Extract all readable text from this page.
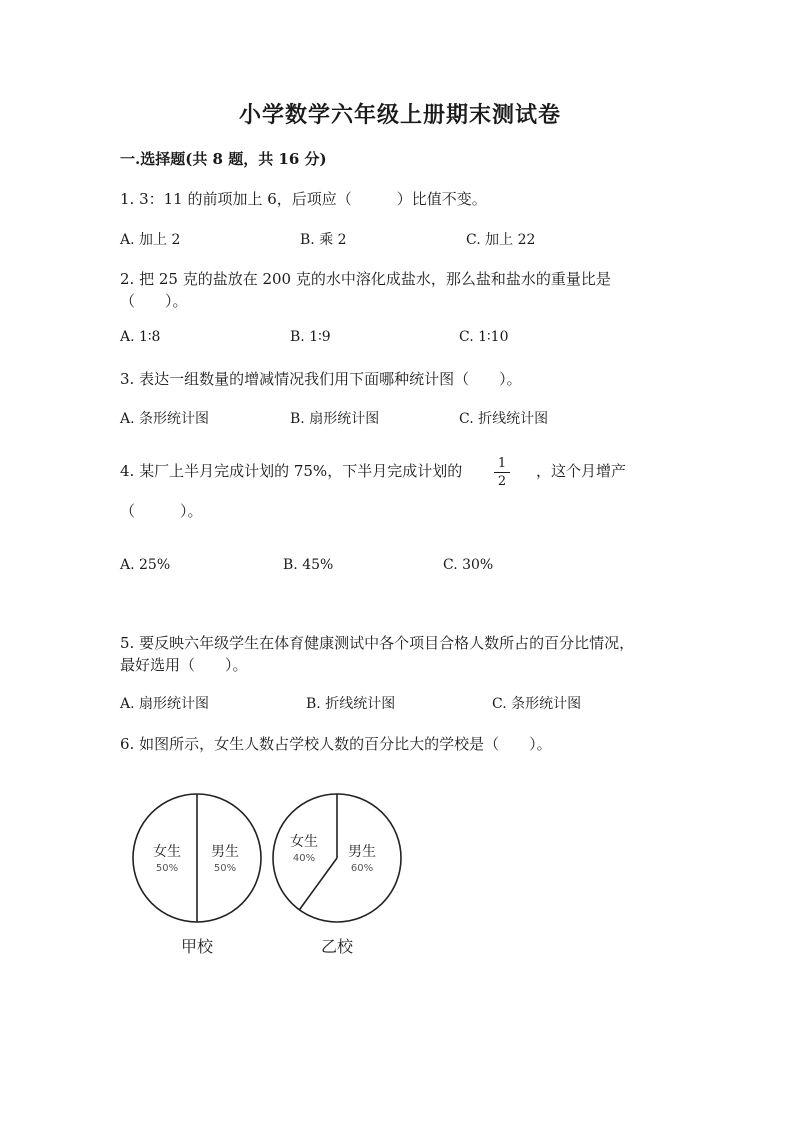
小学数学六年级上册期末测试卷
一.选择题(共 8 题，共 16 分)
1. 3：11 的前项加上 6，后项应（　　　）比值不变。
A. 加上 2	B. 乘 2	C. 加上 22
2. 把 25 克的盐放在 200 克的水中溶化成盐水，那么盐和盐水的重量比是
（　　）。
A. 1∶8	B. 1∶9	C. 1∶10
3. 表达一组数量的增减情况我们用下面哪种统计图（　　）。
A. 条形统计图	B. 扇形统计图	C. 折线统计图
4. 某厂上半月完成计划的 75%，下半月完成计划的	1
2
，这个月增产
（　　　）。
A. 25%	B. 45%	C. 30%
5. 要反映六年级学生在体育健康测试中各个项目合格人数所占的百分比情况，
最好选用（　　）。
A. 扇形统计图	B. 折线统计图	C. 条形统计图
6. 如图所示，女生人数占学校人数的百分比大的学校是（　　）。
女生
50%
男生
50%
甲校
女生
40% 男生
60%
乙校
